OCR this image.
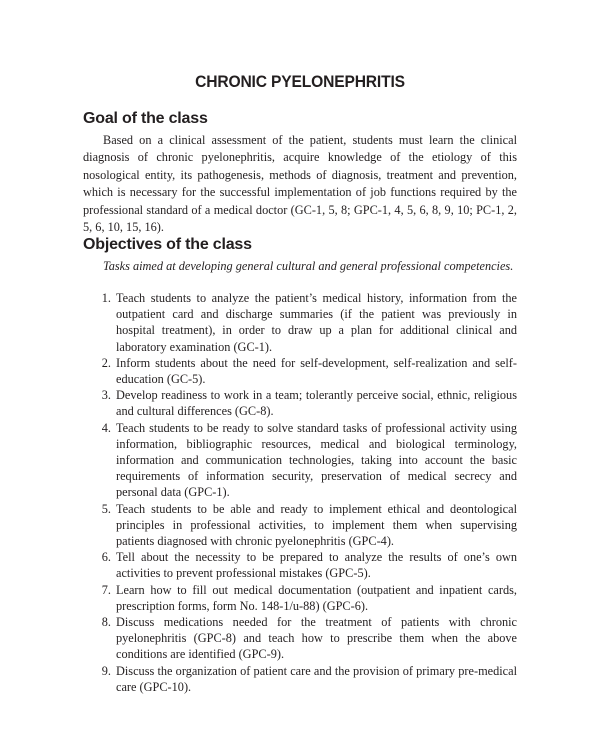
CHRONIC PYELONEPHRITIS
Goal of the class

Based on a clinical assessment of the patient, students must learn the clinical diagnosis of chronic pyelonephritis, acquire knowledge of the etiology of this nosological entity, its pathogenesis, methods of diagnosis, treatment and prevention, which is necessary for the successful implementation of job functions required by the professional standard of a medical doctor (GC-1, 5, 8; GPC-1, 4, 5, 6, 8, 9, 10; PC-1, 2, 5, 6, 10, 15, 16).

Objectives of the class

Tasks aimed at developing general cultural and general professional competencies.

1. Teach students to analyze the patient’s medical history, information from the outpatient card and discharge summaries (if the patient was previously in hospital treatment), in order to draw up a plan for additional clinical and laboratory examination (GC-1).
2. Inform students about the need for self-development, self-realization and self-education (GC-5).
3. Develop readiness to work in a team; tolerantly perceive social, ethnic, religious and cultural differences (GC-8).
4. Teach students to be ready to solve standard tasks of professional activity using information, bibliographic resources, medical and biological terminology, information and communication technologies, taking into account the basic requirements of information security, preservation of medical secrecy and personal data (GPC-1).
5. Teach students to be able and ready to implement ethical and deontological principles in professional activities, to implement them when supervising patients diagnosed with chronic pyelonephritis (GPC-4).
6. Tell about the necessity to be prepared to analyze the results of one’s own activities to prevent professional mistakes (GPC-5).
7. Learn how to fill out medical documentation (outpatient and inpatient cards, prescription forms, form No. 148-1/u-88) (GPC-6).
8. Discuss medications needed for the treatment of patients with chronic pyelonephritis (GPC-8) and teach how to prescribe them when the above conditions are identified (GPC-9).
9. Discuss the organization of patient care and the provision of primary pre-medical care (GPC-10).
